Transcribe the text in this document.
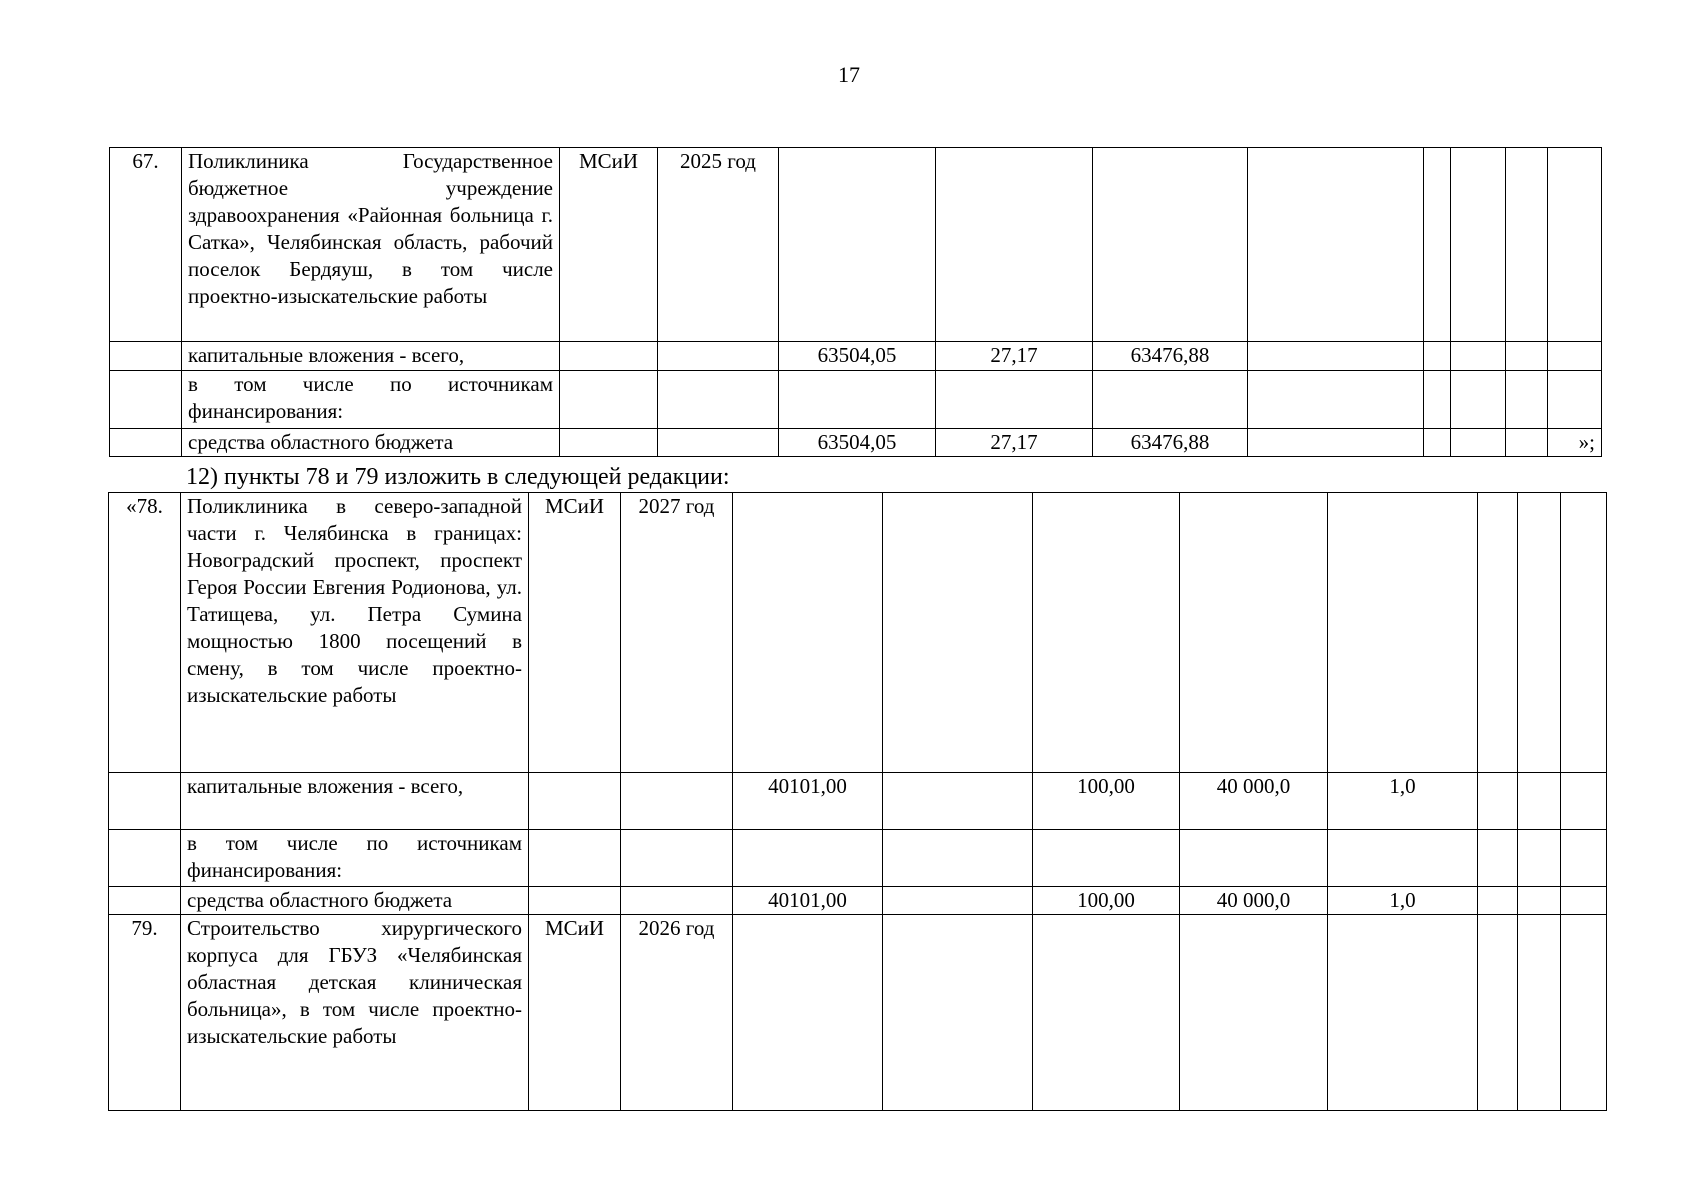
17
67.	Поликлиника Государственное бюджетное учреждение здравоохранения «Районная больница г. Сатка», Челябинская область, рабочий поселок Бердяуш, в том числе проектно-изыскательские работы	МСиИ	2025 год								
	капитальные вложения - всего,			63504,05	27,17	63476,88					
	в том числе по источникам финансирования:										
	средства областного бюджета			63504,05	27,17	63476,88					»;
12) пункты 78 и 79 изложить в следующей редакции:
«78.	Поликлиника в северо-западной части г. Челябинска в границах: Новоградский проспект, проспект Героя России Евгения Родионова, ул. Татищева, ул. Петра Сумина мощностью 1800 посещений в смену, в том числе проектно-изыскательские работы	МСиИ	2027 год								
	капитальные вложения - всего,			40101,00		100,00	40 000,0	1,0			
	в том числе по источникам финансирования:										
	средства областного бюджета			40101,00		100,00	40 000,0	1,0			
79.	Строительство хирургического корпуса для ГБУЗ «Челябинская областная детская клиническая больница», в том числе проектно-изыскательские работы	МСиИ	2026 год								
